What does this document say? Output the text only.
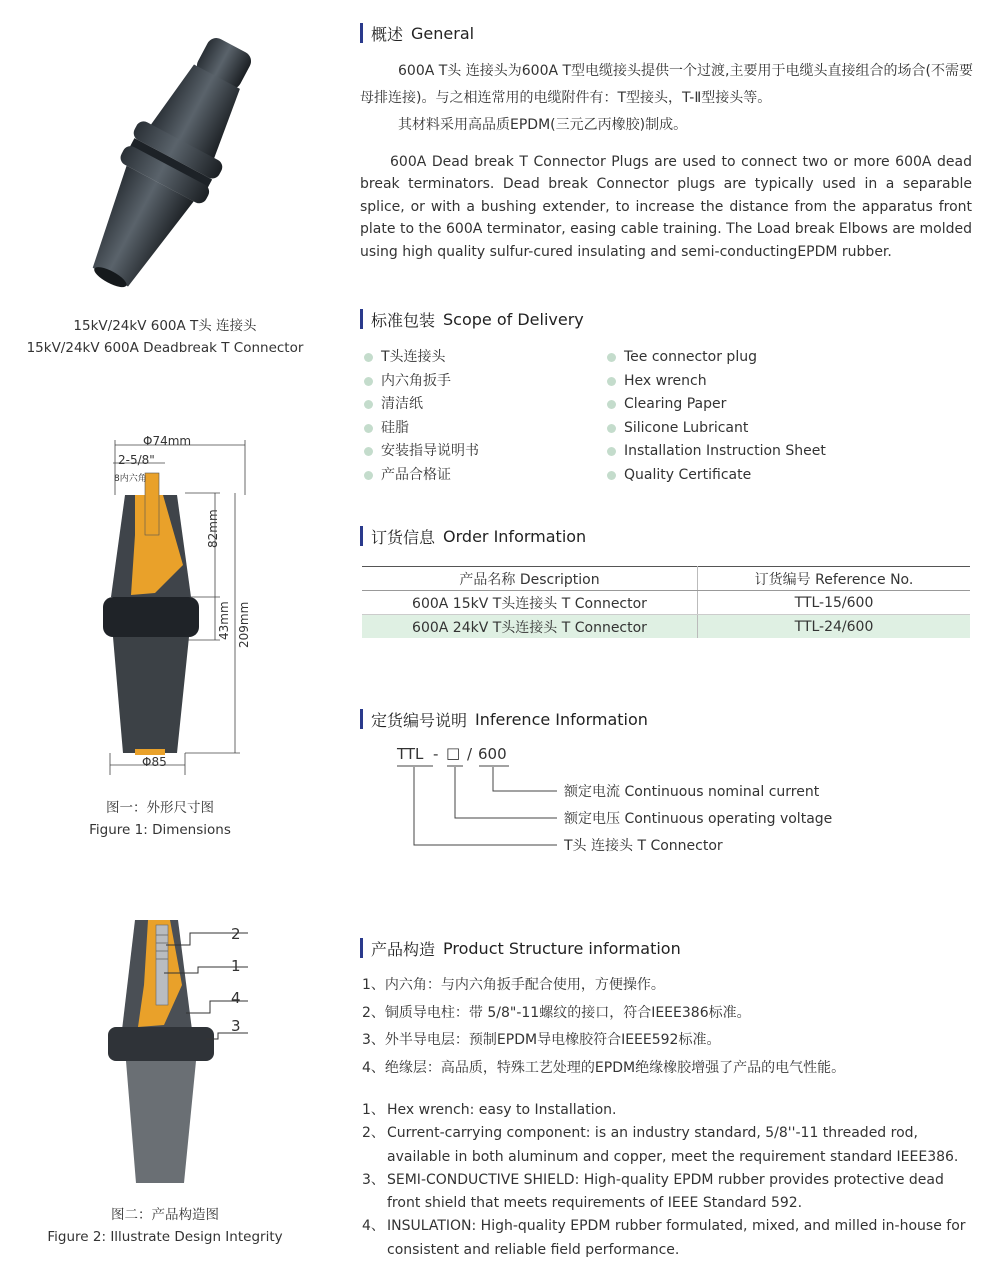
15kV/24kV 600A T头 连接头
15kV/24kV 600A Deadbreak T Connector
Φ74mm
2-5/8"
8内六角
82mm
43mm 209mm
Φ85
图一：外形尺寸图
Figure 1: Dimensions
2
1
4
3
图二：产品构造图
Figure 2: Illustrate Design Integrity
概述 General
600A T头 连接头为600A T型电缆接头提供一个过渡,主要用于电缆头直接组合的场合(不需要母排连接)。与之相连常用的电缆附件有：T型接头，T-Ⅱ型接头等。
其材料采用高品质EPDM(三元乙丙橡胶)制成。
600A Dead break T Connector Plugs are used to connect two or more 600A dead break terminators. Dead break Connector plugs are typically used in a separable splice, or with a bushing extender, to increase the distance from the apparatus front plate to the 600A terminator, easing cable training. The Load break Elbows are molded using high quality sulfur-cured insulating and semi-conductingEPDM rubber.
标准包装 Scope of Delivery
T头连接头
内六角扳手
清洁纸
硅脂
安装指导说明书
产品合格证
Tee connector plug
Hex wrench
Clearing Paper
Silicone Lubricant
Installation Instruction Sheet
Quality Certificate
订货信息 Order Information
产品名称 Description	订货编号 Reference No.
600A 15kV T头连接头 T Connector	TTL-15/600
600A 24kV T头连接头 T Connector	TTL-24/600
定货编号说明 Inference Information
TTL - □ / 600
额定电流 Continuous nominal current
额定电压 Continuous operating voltage
T头 连接头 T Connector
产品构造 Product Structure information
1、内六角：与内六角扳手配合使用，方便操作。
2、铜质导电柱：带 5/8"-11螺纹的接口，符合IEEE386标准。
3、外半导电层：预制EPDM导电橡胶符合IEEE592标准。
4、绝缘层：高品质，特殊工艺处理的EPDM绝缘橡胶增强了产品的电气性能。
1、 Hex wrench: easy to Installation.
2、 Current-carrying component: is an industry standard, 5/8''-11 threaded rod, available in both aluminum and copper, meet the requirement standard IEEE386.
3、 SEMI-CONDUCTIVE SHIELD: High-quality EPDM rubber provides protective dead front shield that meets requirements of IEEE Standard 592.
4、 INSULATION: High-quality EPDM rubber formulated, mixed, and milled in-house for consistent and reliable field performance.
